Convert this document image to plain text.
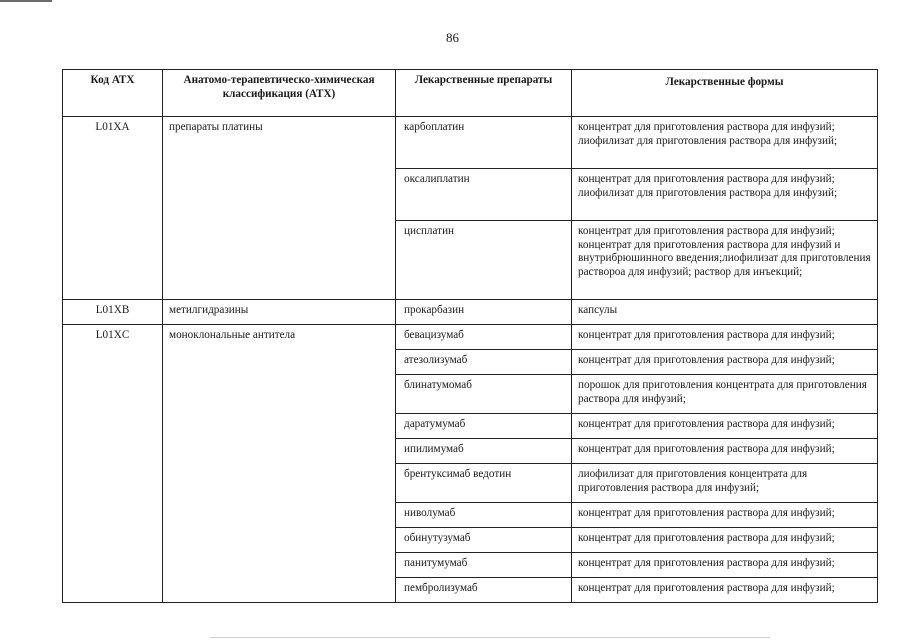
86
Код АТХ	Анатомо-терапевтическо-химическая классификация (АТХ)	Лекарственные препараты	Лекарственные формы
L01XA	препараты платины	карбоплатин	концентрат для приготовления раствора для инфузий; лиофилизат для приготовления раствора для инфузий;
		оксалиплатин	концентрат для приготовления раствора для инфузий; лиофилизат для приготовления раствора для инфузий;
		цисплатин	концентрат для приготовления раствора для инфузий; концентрат для приготовления раствора для инфузий и внутрибрюшинного введения;лиофилизат для приготовления раствороа для инфузий; раствор для инъекций;
L01XB	метилгидразины	прокарбазин	капсулы
L01XC	моноклональные антитела	бевацизумаб	концентрат для приготовления раствора для инфузий;
		атезолизумаб	концентрат для приготовления раствора для инфузий;
		блинатумомаб	порошок для приготовления концентрата для приготовления раствора для инфузий;
		даратумумаб	концентрат для приготовления раствора для инфузий;
		ипилимумаб	концентрат для приготовления раствора для инфузий;
		брентуксимаб ведотин	лиофилизат для приготовления концентрата для приготовления раствора для инфузий;
		ниволумаб	концентрат для приготовления раствора для инфузий;
		обинутузумаб	концентрат для приготовления раствора для инфузий;
		панитумумаб	концентрат для приготовления раствора для инфузий;
		пембролизумаб	концентрат для приготовления раствора для инфузий;
